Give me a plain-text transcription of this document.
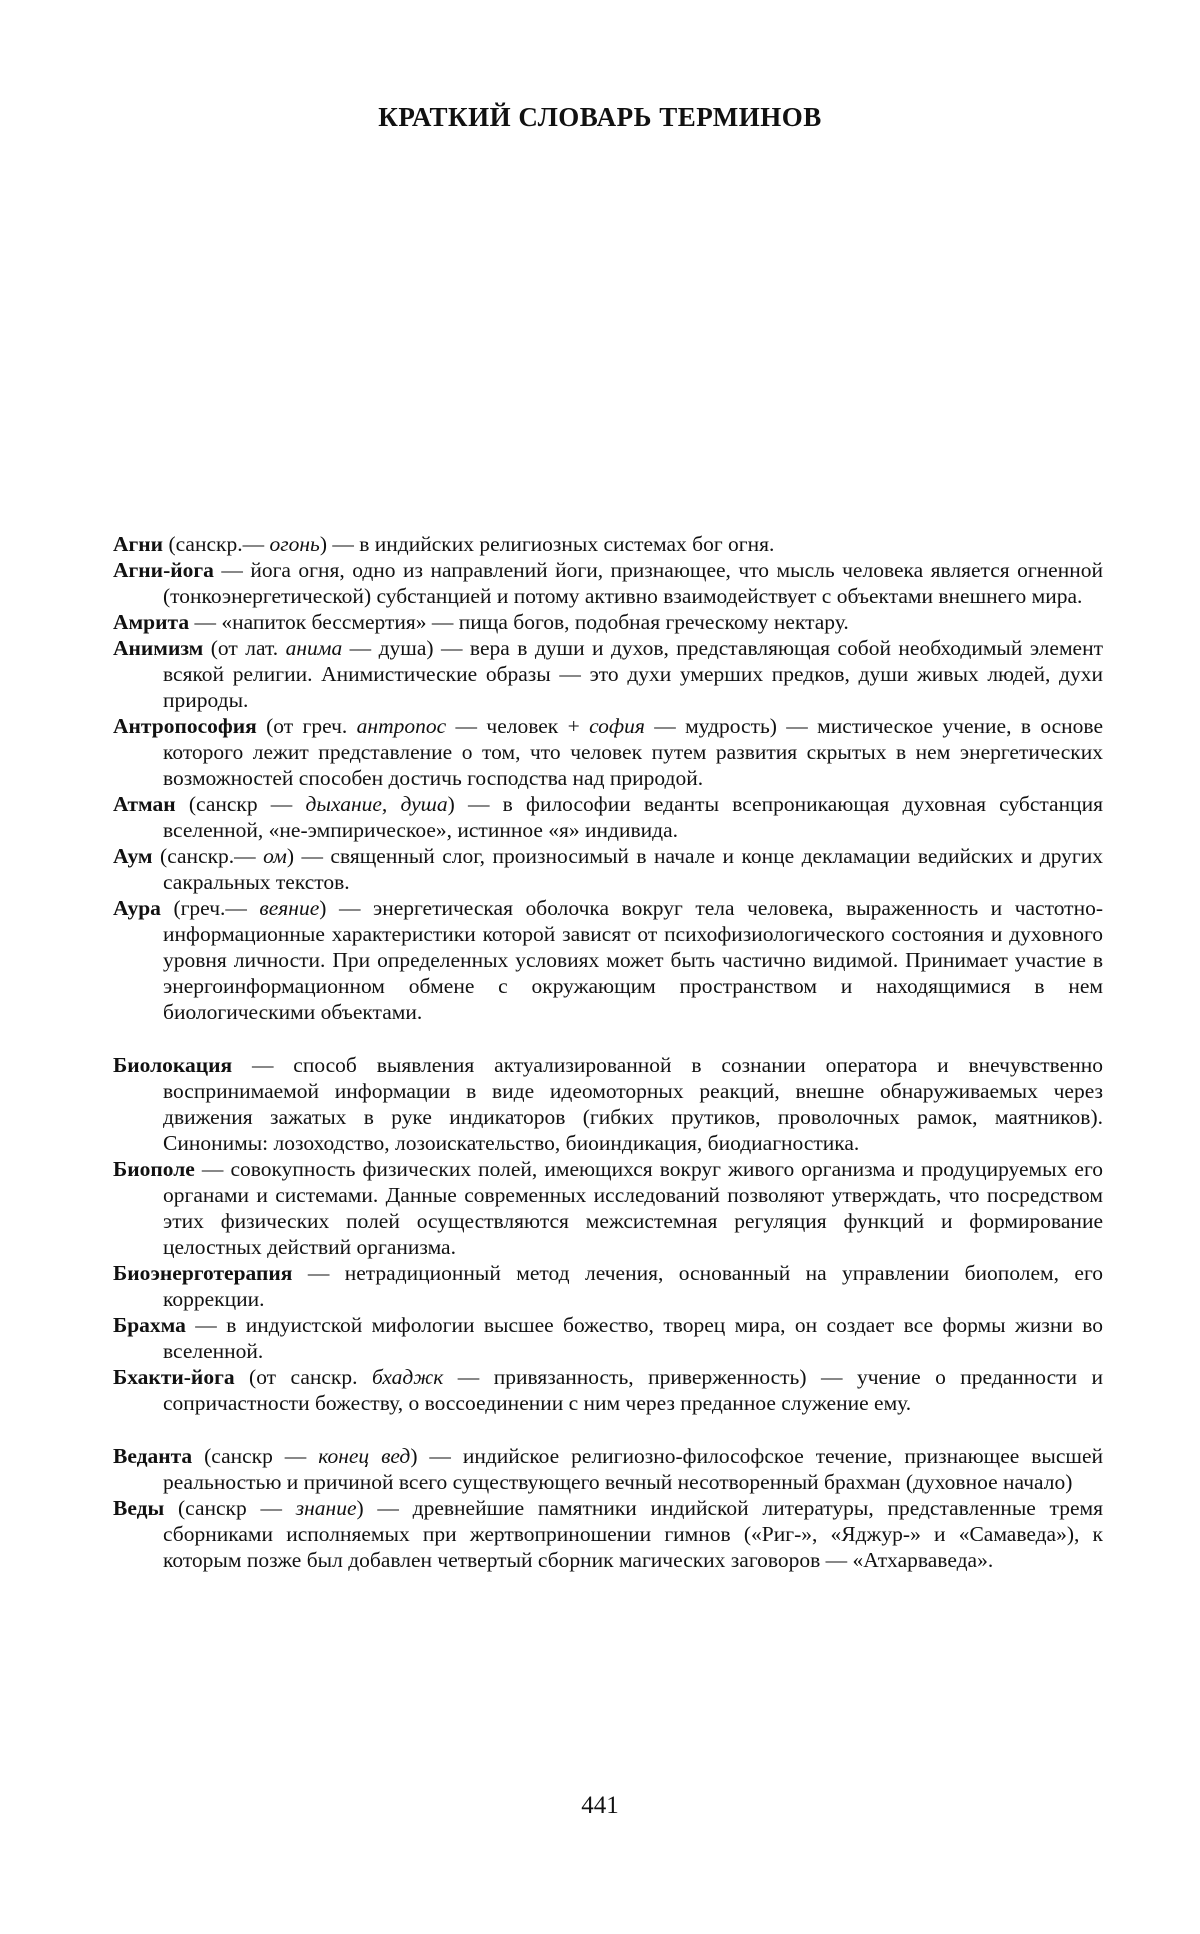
КРАТКИЙ СЛОВАРЬ ТЕРМИНОВ

Агни (санскр.— огонь) — в индийских религиозных системах бог огня.

Агни-йога — йога огня, одно из направлений йоги, признающее, что мысль человека является огненной (тонкоэнергетической) субстанцией и потому активно взаимодействует с объектами внешнего мира.

Амрита — «напиток бессмертия» — пища богов, подобная греческому нектару.

Анимизм (от лат. анима — душа) — вера в души и духов, представляющая собой необходимый элемент всякой религии. Анимистические образы — это духи умерших предков, души живых людей, духи природы.

Антропософия (от греч. антропос — человек + софия — мудрость) — мистическое учение, в основе которого лежит представление о том, что человек путем развития скрытых в нем энергетических возможностей способен достичь господства над природой.

Атман (санскр — дыхание, душа) — в философии веданты всепроникающая духовная субстанция вселенной, «не-эмпирическое», истинное «я» индивида.

Аум (санскр.— ом) — священный слог, произносимый в начале и конце декламации ведийских и других сакральных текстов.

Аура (греч.— веяние) — энергетическая оболочка вокруг тела человека, выраженность и частотно-информационные характеристики которой зависят от психофизиологического состояния и духовного уровня личности. При определенных условиях может быть частично видимой. Принимает участие в энергоинформационном обмене с окружающим пространством и находящимися в нем биологическими объектами.

Биолокация — способ выявления актуализированной в сознании оператора и внечувственно воспринимаемой информации в виде идеомоторных реакций, внешне обнаруживаемых через движения зажатых в руке индикаторов (гибких прутиков, проволочных рамок, маятников). Синонимы: лозоходство, лозоискательство, биоиндикация, биодиагностика.

Биополе — совокупность физических полей, имеющихся вокруг живого организма и продуцируемых его органами и системами. Данные современных исследований позволяют утверждать, что посредством этих физических полей осуществляются межсистемная регуляция функций и формирование целостных действий организма.

Биоэнерготерапия — нетрадиционный метод лечения, основанный на управлении биополем, его коррекции.

Брахма — в индуистской мифологии высшее божество, творец мира, он создает все формы жизни во вселенной.

Бхакти-йога (от санскр. бхаджк — привязанность, приверженность) — учение о преданности и сопричастности божеству, о воссоединении с ним через преданное служение ему.

Веданта (санскр — конец вед) — индийское религиозно-философское течение, признающее высшей реальностью и причиной всего существующего вечный несотворенный брахман (духовное начало)

Веды (санскр — знание) — древнейшие памятники индийской литературы, представленные тремя сборниками исполняемых при жертвоприношении гимнов («Риг-», «Яджур-» и «Самаведа»), к которым позже был добавлен четвертый сборник магических заговоров — «Атхарваведа».

441
